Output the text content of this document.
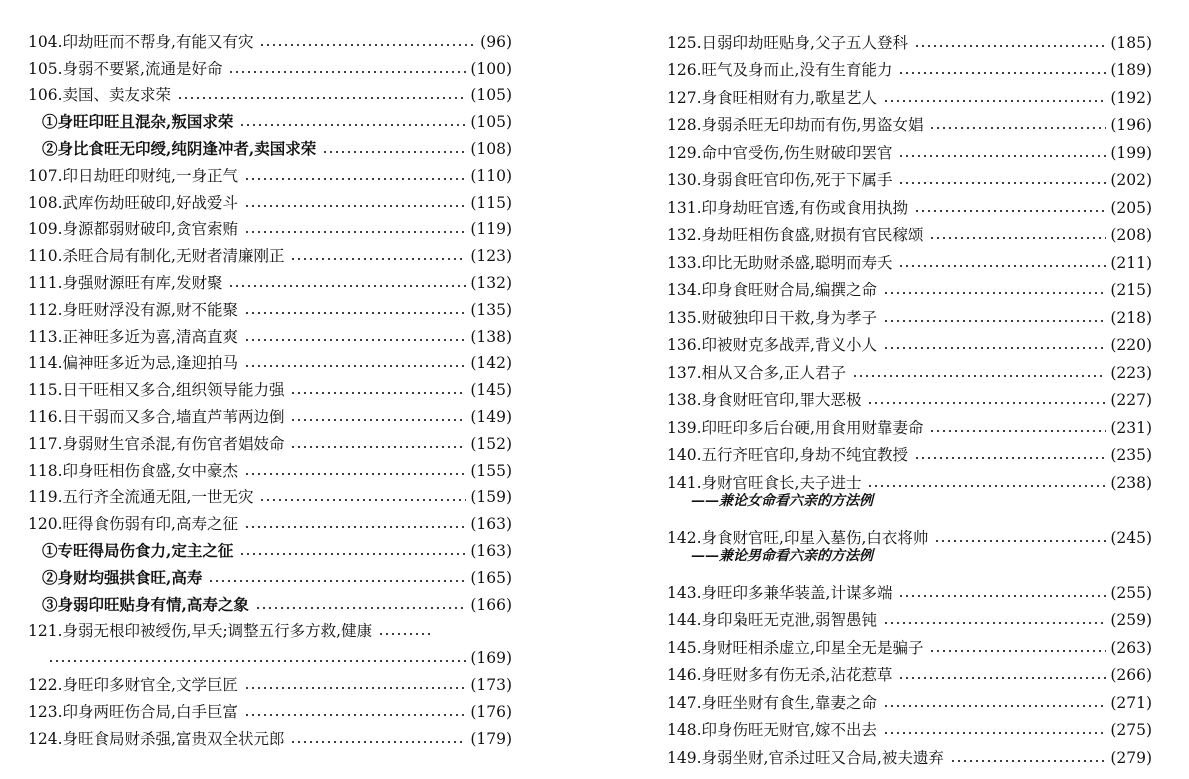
104.印劫旺而不帮身,有能又有灾	(96)
105.身弱不要紧,流通是好命	(100)
106.卖国、卖友求荣	(105)
①身旺印旺且混杂,叛国求荣	(105)
②身比食旺无印绶,纯阴逢冲者,卖国求荣	(108)
107.印日劫旺印财纯,一身正气	(110)
108.武库伤劫旺破印,好战爱斗	(115)
109.身源都弱财破印,贪官索贿	(119)
110.杀旺合局有制化,无财者清廉刚正	(123)
111.身强财源旺有库,发财聚	(132)
112.身旺财浮没有源,财不能聚	(135)
113.正神旺多近为喜,清高直爽	(138)
114.偏神旺多近为忌,逢迎拍马	(142)
115.日干旺相又多合,组织领导能力强	(145)
116.日干弱而又多合,墙直芦苇两边倒	(149)
117.身弱财生官杀混,有伤官者娼妓命	(152)
118.印身旺相伤食盛,女中豪杰	(155)
119.五行齐全流通无阻,一世无灾	(159)
120.旺得食伤弱有印,高寿之征	(163)
①专旺得局伤食力,定主之征	(163)
②身财均强拱食旺,高寿	(165)
③身弱印旺贴身有情,高寿之象	(166)
121.身弱无根印被绶伤,早夭;调整五行多方救,健康
(169)
122.身旺印多财官全,文学巨匠	(173)
123.印身两旺伤合局,白手巨富	(176)
124.身旺食局财杀强,富贵双全状元郎	(179)
125.日弱印劫旺贴身,父子五人登科	(185)
126.旺气及身而止,没有生育能力	(189)
127.身食旺相财有力,歌星艺人	(192)
128.身弱杀旺无印劫而有伤,男盗女娼	(196)
129.命中官受伤,伤生财破印罢官	(199)
130.身弱食旺官印伤,死于下属手	(202)
131.印身劫旺官透,有伤或食用执拗	(205)
132.身劫旺相伤食盛,财损有官民稼颂	(208)
133.印比无助财杀盛,聪明而寿夭	(211)
134.印身食旺财合局,编撰之命	(215)
135.财破独印日干救,身为孝子	(218)
136.印被财克多战弄,背义小人	(220)
137.相从又合多,正人君子	(223)
138.身食财旺官印,罪大恶极	(227)
139.印旺印多后台硬,用食用财靠妻命	(231)
140.五行齐旺官印,身劫不纯宜教授	(235)
141.身财官旺食长,夫子进士	(238)
——兼论女命看六亲的方法例
142.身食财官旺,印星入墓伤,白衣将帅	(245)
——兼论男命看六亲的方法例
143.身旺印多兼华装盖,计谋多端	(255)
144.身印枭旺无克泄,弱智愚钝	(259)
145.身财旺相杀虚立,印星全无是骗子	(263)
146.身旺财多有伤无杀,沾花惹草	(266)
147.身旺坐财有食生,靠妻之命	(271)
148.印身伤旺无财官,嫁不出去	(275)
149.身弱坐财,官杀过旺又合局,被夫遗弃	(279)
